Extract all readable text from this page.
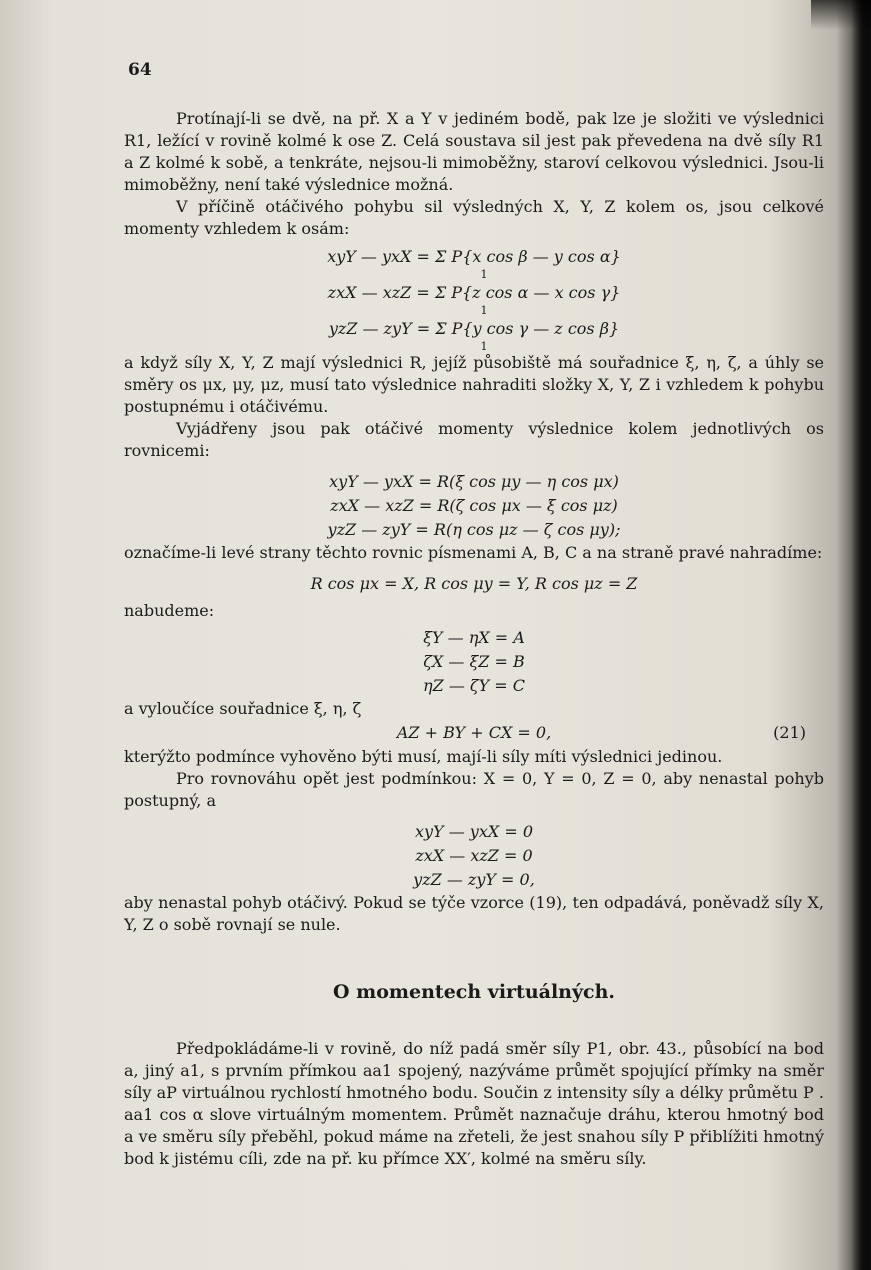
64

Protínají-li se dvě, na př. X a Y v jediném bodě, pak lze je složiti ve výslednici R1, ležící v rovině kolmé k ose Z. Celá soustava sil jest pak převedena na dvě síly R1 a Z kolmé k sobě, a tenkráte, nejsou-li mimoběžny, staroví celkovou výslednici. Jsou-li mimoběžny, není také výslednice možná.

V příčině otáčivého pohybu sil výsledných X, Y, Z kolem os, jsou celkové momenty vzhledem k osám:

xyY — yxX = Σ P{x cos β — y cos α}

1

zxX — xzZ = Σ P{z cos α — x cos γ}

1

yzZ — zyY = Σ P{y cos γ — z cos β}

1

a když síly X, Y, Z mají výslednici R, jejíž působiště má souřadnice ξ, η, ζ, a úhly se směry os μx, μy, μz, musí tato výslednice nahraditi složky X, Y, Z i vzhledem k pohybu postupnému i otáčivému.

Vyjádřeny jsou pak otáčivé momenty výslednice kolem jednotlivých os rovnicemi:

xyY — yxX = R(ξ cos μy — η cos μx)

zxX — xzZ = R(ζ cos μx — ξ cos μz)

yzZ — zyY = R(η cos μz — ζ cos μy);

označíme-li levé strany těchto rovnic písmenami A, B, C a na straně pravé nahradíme:

R cos μx = X, R cos μy = Y, R cos μz = Z

nabudeme:

ξY — ηX = A

ζX — ξZ = B

ηZ — ζY = C

a vyloučíce souřadnice ξ, η, ζ

AZ + BY + CX = 0,	(21)

kterýžto podmínce vyhověno býti musí, mají-li síly míti výslednici jedinou.

Pro rovnováhu opět jest podmínkou: X = 0, Y = 0, Z = 0, aby nenastal pohyb postupný, a

xyY — yxX = 0

zxX — xzZ = 0

yzZ — zyY = 0,

aby nenastal pohyb otáčivý. Pokud se týče vzorce (19), ten odpadává, poněvadž síly X, Y, Z o sobě rovnají se nule.

O momentech virtuálných.

Předpokládáme-li v rovině, do níž padá směr síly P1, obr. 43., působící na bod a, jiný a1, s prvním přímkou aa1 spojený, nazýváme průmět spojující přímky na směr síly aP virtuálnou rychlostí hmotného bodu. Součin z intensity síly a délky průmětu P . aa1 cos α slove virtuálným momentem. Průmět naznačuje dráhu, kterou hmotný bod a ve směru síly přeběhl, pokud máme na zřeteli, že jest snahou síly P přiblížiti hmotný bod k jistému cíli, zde na př. ku přímce XX′, kolmé na směru síly.
